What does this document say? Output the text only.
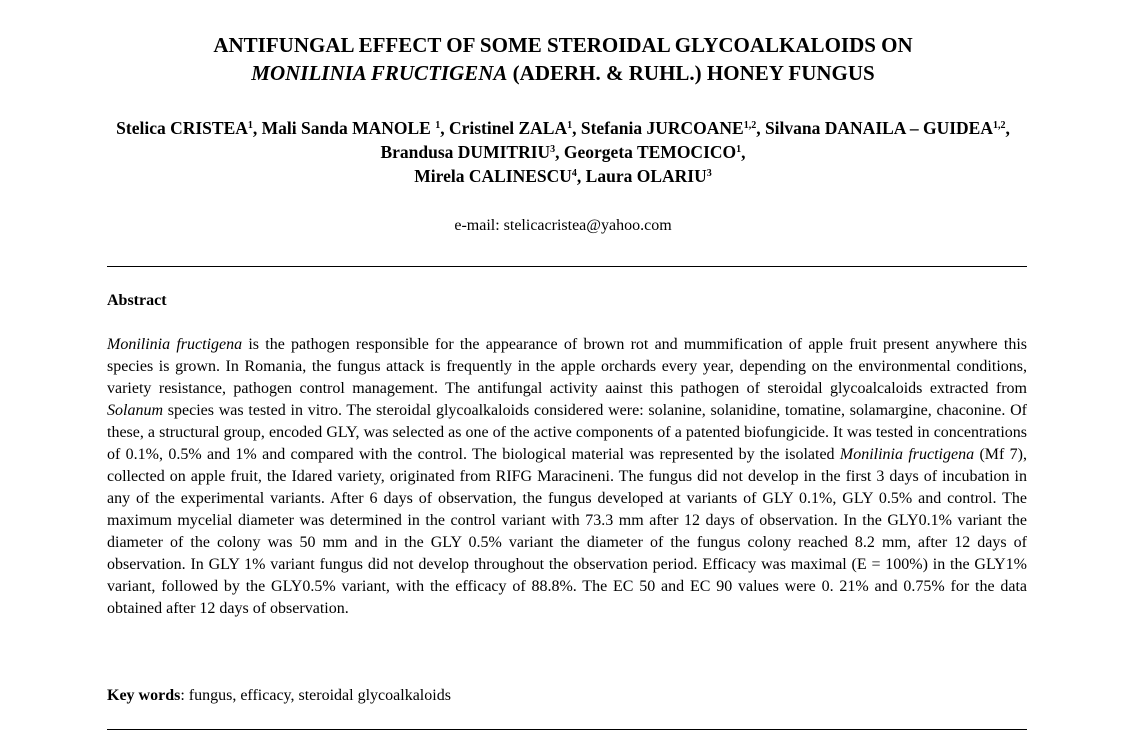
ANTIFUNGAL EFFECT OF SOME STEROIDAL GLYCOALKALOIDS ON
MONILINIA FRUCTIGENA (ADERH. & RUHL.) HONEY FUNGUS
Stelica CRISTEA$^1$, Mali Sanda MANOLE $^1$, Cristinel ZALA$^1$, Stefania JURCOANE$^{1,2}$, Silvana DANAILA – GUIDEA$^{1,2}$, Brandusa DUMITRIU$^3$, Georgeta TEMOCICO$^1$,
Mirela CALINESCU$^4$, Laura OLARIU$^3$
e-mail: stelicacristea@yahoo.com
Abstract
Monilinia fructigena is the pathogen responsible for the appearance of brown rot and mummification of apple fruit present anywhere this species is grown. In Romania, the fungus attack is frequently in the apple orchards every year, depending on the environmental conditions, variety resistance, pathogen control management. The antifungal activity aainst this pathogen of steroidal glycoalcaloids extracted from Solanum species was tested in vitro. The steroidal glycoalkaloids considered were: solanine, solanidine, tomatine, solamargine, chaconine. Of these, a structural group, encoded GLY, was selected as one of the active components of a patented biofungicide. It was tested in concentrations of 0.1%, 0.5% and 1% and compared with the control. The biological material was represented by the isolated Monilinia fructigena (Mf 7), collected on apple fruit, the Idared variety, originated from RIFG Maracineni. The fungus did not develop in the first 3 days of incubation in any of the experimental variants. After 6 days of observation, the fungus developed at variants of GLY 0.1%, GLY 0.5% and control. The maximum mycelial diameter was determined in the control variant with 73.3 mm after 12 days of observation. In the GLY0.1% variant the diameter of the colony was 50 mm and in the GLY 0.5% variant the diameter of the fungus colony reached 8.2 mm, after 12 days of observation. In GLY 1% variant fungus did not develop throughout the observation period. Efficacy was maximal (E = 100%) in the GLY1% variant, followed by the GLY0.5% variant, with the efficacy of 88.8%. The EC 50 and EC 90 values were 0. 21% and 0.75% for the data obtained after 12 days of observation.
Key words: fungus, efficacy, steroidal glycoalkaloids
